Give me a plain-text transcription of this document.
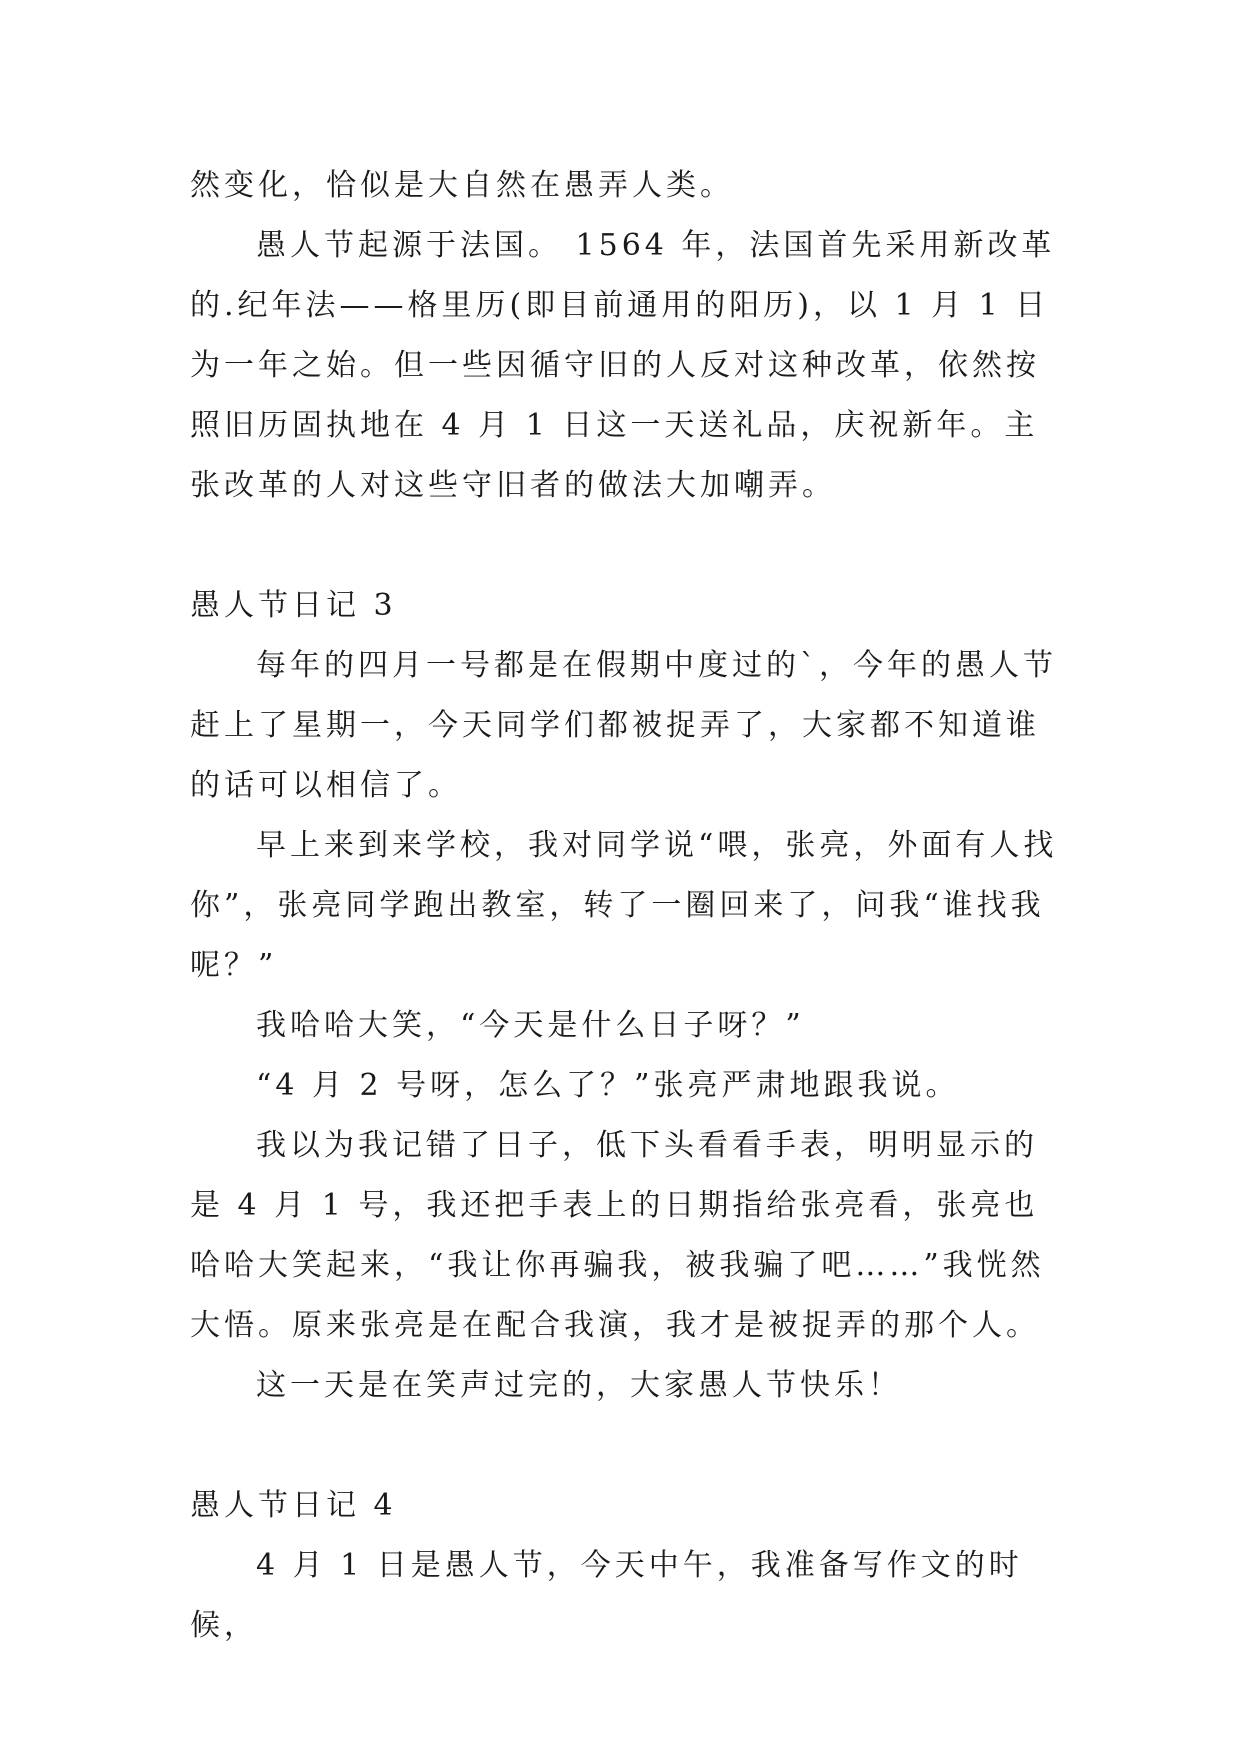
然变化，恰似是大自然在愚弄人类。

愚人节起源于法国。 1564 年，法国首先采用新改革的.纪年法——格里历(即目前通用的阳历)，以 1 月 1 日为一年之始。但一些因循守旧的人反对这种改革，依然按照旧历固执地在 4 月 1 日这一天送礼品，庆祝新年。主张改革的人对这些守旧者的做法大加嘲弄。

愚人节日记 3

每年的四月一号都是在假期中度过的`，今年的愚人节赶上了星期一，今天同学们都被捉弄了，大家都不知道谁的话可以相信了。

早上来到来学校，我对同学说“喂，张亮，外面有人找你”，张亮同学跑出教室，转了一圈回来了，问我“谁找我呢？”

我哈哈大笑，“今天是什么日子呀？”

“4 月 2 号呀，怎么了？”张亮严肃地跟我说。

我以为我记错了日子，低下头看看手表，明明显示的是 4 月 1 号，我还把手表上的日期指给张亮看，张亮也哈哈大笑起来，“我让你再骗我，被我骗了吧……”我恍然大悟。原来张亮是在配合我演，我才是被捉弄的那个人。

这一天是在笑声过完的，大家愚人节快乐！

愚人节日记 4

4 月 1 日是愚人节，今天中午，我准备写作文的时候，
